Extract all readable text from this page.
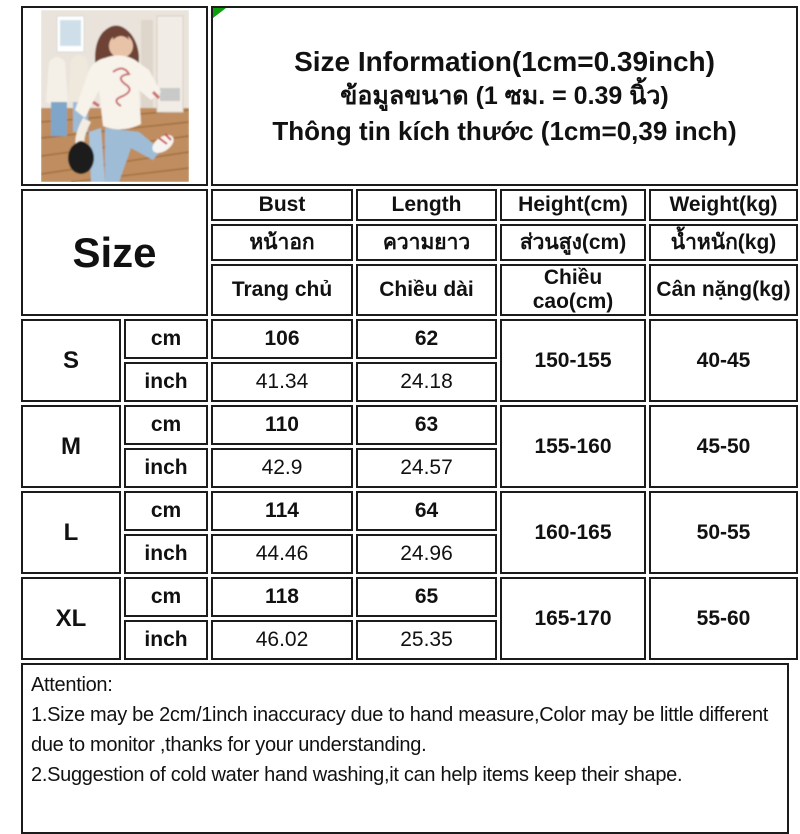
Size Information(1cm=0.39inch)
ข้อมูลขนาด (1 ซม. = 0.39 นิ้ว)
Thông tin kích thước (1cm=0,39 inch)			

Size		Bust	Length	Height(cm)	Weight(kg)
		หน้าอก	ความยาว	ส่วนสูง(cm)	น้ำหนัก(kg)
		Trang chủ	Chiều dài	Chiều cao(cm)	Cân nặng(kg)
S	cm	106	62	150-155	40-45
	inch	41.34	24.18		
M	cm	110	63	155-160	45-50
	inch	42.9	24.57		
L	cm	114	64	160-165	50-55
	inch	44.46	24.96		
XL	cm	118	65	165-170	55-60
	inch	46.02	25.35		
Attention:
1.Size may be 2cm/1inch inaccuracy due to hand measure,Color may be little different due to monitor ,thanks for your understanding.
2.Suggestion of cold water hand washing,it can help items keep their shape.
